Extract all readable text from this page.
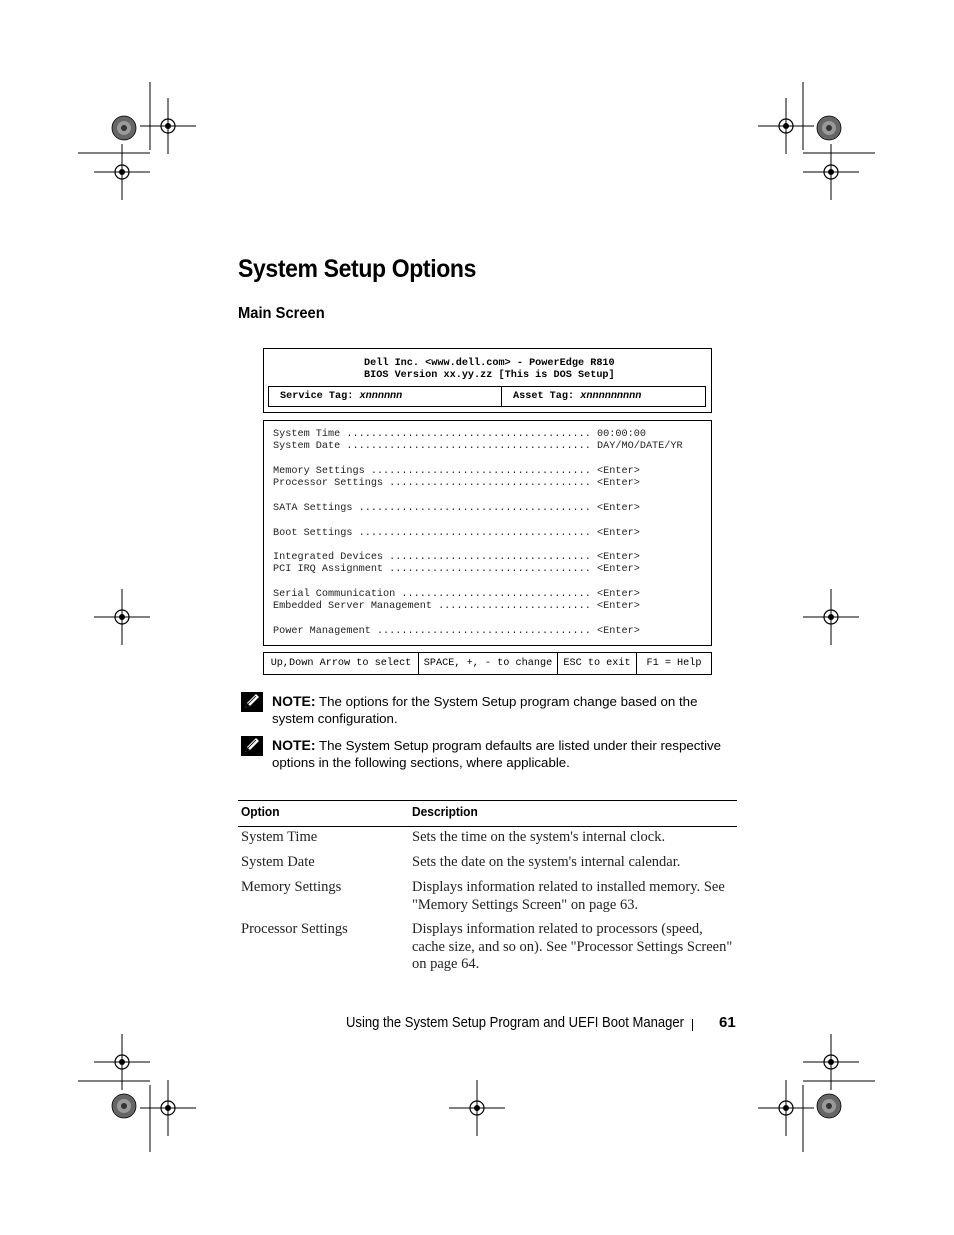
System Setup Options
Main Screen
Dell Inc. <www.dell.com> - PowerEdge R810
BIOS Version xx.yy.zz [This is DOS Setup]
Service Tag: xnnnnnn	Asset Tag: xnnnnnnnnn
System Time ........................................ 00:00:00
System Date ........................................ DAY/MO/DATE/YR
Memory Settings .................................... <Enter>
Processor Settings ................................. <Enter>
SATA Settings ...................................... <Enter>
Boot Settings ...................................... <Enter>
Integrated Devices ................................. <Enter>
PCI IRQ Assignment ................................. <Enter>
Serial Communication ............................... <Enter>
Embedded Server Management ......................... <Enter>
Power Management ................................... <Enter>
Up,Down Arrow to select	SPACE, +, - to change	ESC to exit	F1 = Help
NOTE: The options for the System Setup program change based on the system configuration.
NOTE: The System Setup program defaults are listed under their respective options in the following sections, where applicable.
Option	Description
System Time	Sets the time on the system's internal clock.
System Date	Sets the date on the system's internal calendar.
Memory Settings	Displays information related to installed memory. See "Memory Settings Screen" on page 63.
Processor Settings	Displays information related to processors (speed, cache size, and so on). See "Processor Settings Screen" on page 64.
Using the System Setup Program and UEFI Boot Manager 61
